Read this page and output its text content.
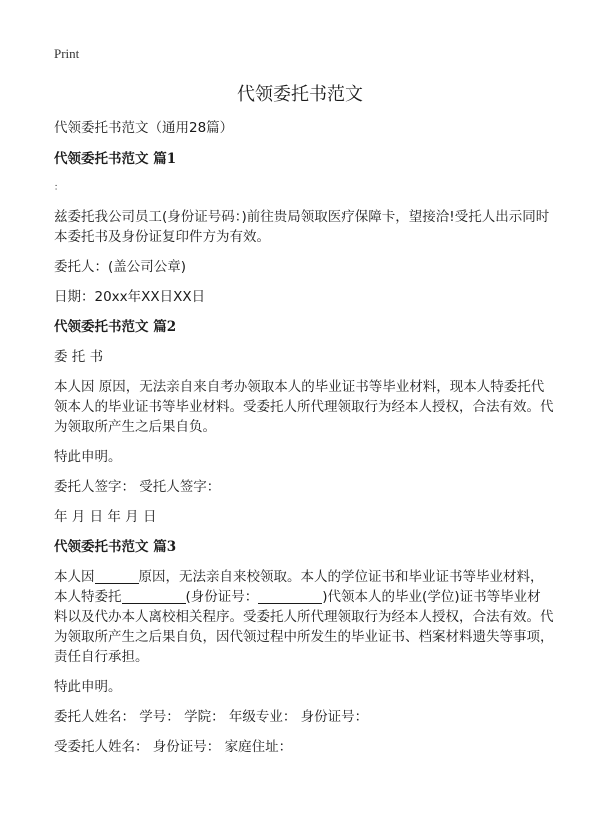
Print
代领委托书范文

代领委托书范文（通用28篇）

代领委托书范文 篇1

：

兹委托我公司员工(身份证号码：)前往贵局领取医疗保障卡，望接洽!受托人出示同时本委托书及身份证复印件方为有效。

委托人：(盖公司公章)

日期：20xx年XX日XX日

代领委托书范文 篇2

委 托 书

本人因 原因，无法亲自来自考办领取本人的毕业证书等毕业材料，现本人特委托代领本人的毕业证书等毕业材料。受委托人所代理领取行为经本人授权，合法有效。代为领取所产生之后果自负。

特此申明。

委托人签字： 受托人签字：

年 月 日 年 月 日

代领委托书范文 篇3

本人因	原因，无法亲自来校领取。本人的学位证书和毕业证书等毕业材料，本人特委托	(身份证号：	)代领本人的毕业(学位)证书等毕业材料以及代办本人离校相关程序。受委托人所代理领取行为经本人授权，合法有效。代为领取所产生之后果自负，因代领过程中所发生的毕业证书、档案材料遗失等事项，责任自行承担。

特此申明。

委托人姓名： 学号： 学院： 年级专业： 身份证号：

受委托人姓名： 身份证号： 家庭住址：
